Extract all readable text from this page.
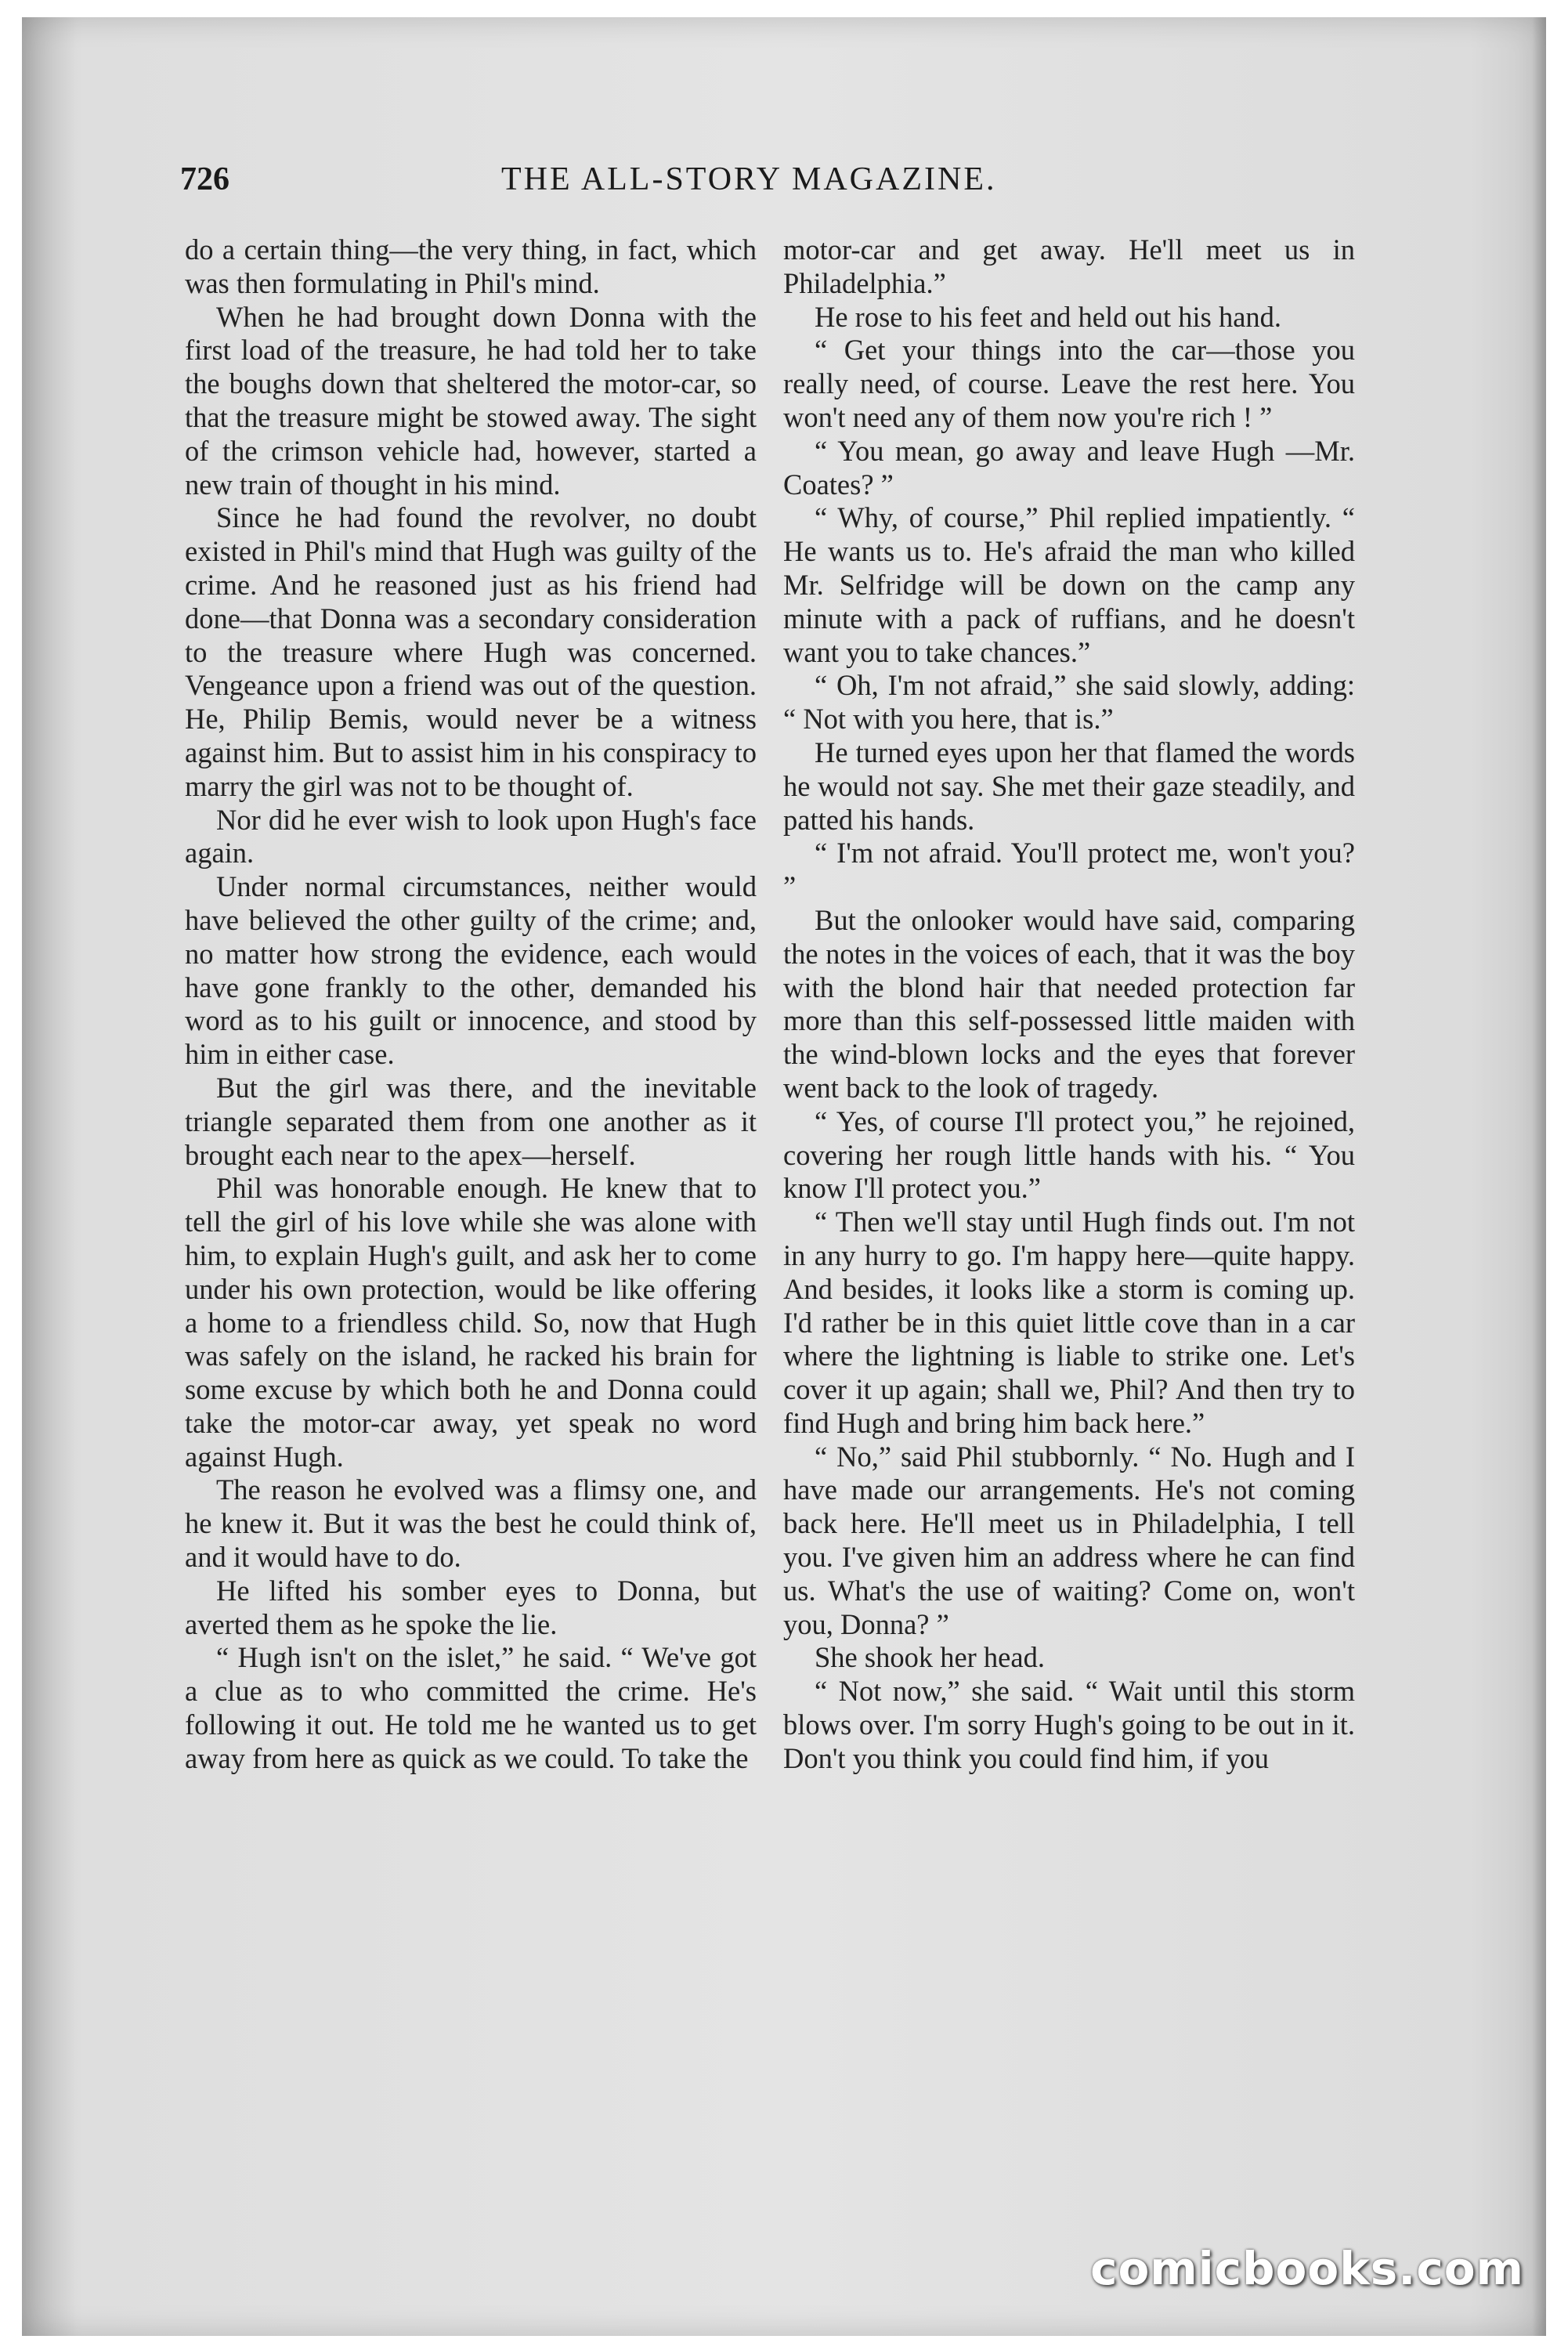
726	THE ALL-STORY MAGAZINE.

do a certain thing—the very thing, in fact, which was then formulating in Phil's mind.

When he had brought down Donna with the first load of the treasure, he had told her to take the boughs down that sheltered the motor-car, so that the treasure might be stowed away. The sight of the crimson vehicle had, however, started a new train of thought in his mind.

Since he had found the revolver, no doubt existed in Phil's mind that Hugh was guilty of the crime. And he reasoned just as his friend had done—that Donna was a secondary consideration to the treasure where Hugh was concerned. Vengeance upon a friend was out of the question. He, Philip Bemis, would never be a witness against him. But to assist him in his conspiracy to marry the girl was not to be thought of.

Nor did he ever wish to look upon Hugh's face again.

Under normal circumstances, neither would have believed the other guilty of the crime; and, no matter how strong the evidence, each would have gone frankly to the other, demanded his word as to his guilt or innocence, and stood by him in either case.

But the girl was there, and the inevitable triangle separated them from one another as it brought each near to the apex—herself.

Phil was honorable enough. He knew that to tell the girl of his love while she was alone with him, to explain Hugh's guilt, and ask her to come under his own protection, would be like offering a home to a friendless child. So, now that Hugh was safely on the island, he racked his brain for some excuse by which both he and Donna could take the motor-car away, yet speak no word against Hugh.

The reason he evolved was a flimsy one, and he knew it. But it was the best he could think of, and it would have to do.

He lifted his somber eyes to Donna, but averted them as he spoke the lie.

“ Hugh isn't on the islet,” he said. “ We've got a clue as to who committed the crime. He's following it out. He told me he wanted us to get away from here as quick as we could. To take the

motor-car and get away. He'll meet us in Philadelphia.”

He rose to his feet and held out his hand.

“ Get your things into the car—those you really need, of course. Leave the rest here. You won't need any of them now you're rich ! ”

“ You mean, go away and leave Hugh —Mr. Coates? ”

“ Why, of course,” Phil replied impatiently. “ He wants us to. He's afraid the man who killed Mr. Selfridge will be down on the camp any minute with a pack of ruffians, and he doesn't want you to take chances.”

“ Oh, I'm not afraid,” she said slowly, adding: “ Not with you here, that is.”

He turned eyes upon her that flamed the words he would not say. She met their gaze steadily, and patted his hands.

“ I'm not afraid. You'll protect me, won't you? ”

But the onlooker would have said, comparing the notes in the voices of each, that it was the boy with the blond hair that needed protection far more than this self-possessed little maiden with the wind-blown locks and the eyes that forever went back to the look of tragedy.

“ Yes, of course I'll protect you,” he rejoined, covering her rough little hands with his. “ You know I'll protect you.”

“ Then we'll stay until Hugh finds out. I'm not in any hurry to go. I'm happy here—quite happy. And besides, it looks like a storm is coming up. I'd rather be in this quiet little cove than in a car where the lightning is liable to strike one. Let's cover it up again; shall we, Phil? And then try to find Hugh and bring him back here.”

“ No,” said Phil stubbornly. “ No. Hugh and I have made our arrangements. He's not coming back here. He'll meet us in Philadelphia, I tell you. I've given him an address where he can find us. What's the use of waiting? Come on, won't you, Donna? ”

She shook her head.

“ Not now,” she said. “ Wait until this storm blows over. I'm sorry Hugh's going to be out in it. Don't you think you could find him, if you

comicbooks.com
